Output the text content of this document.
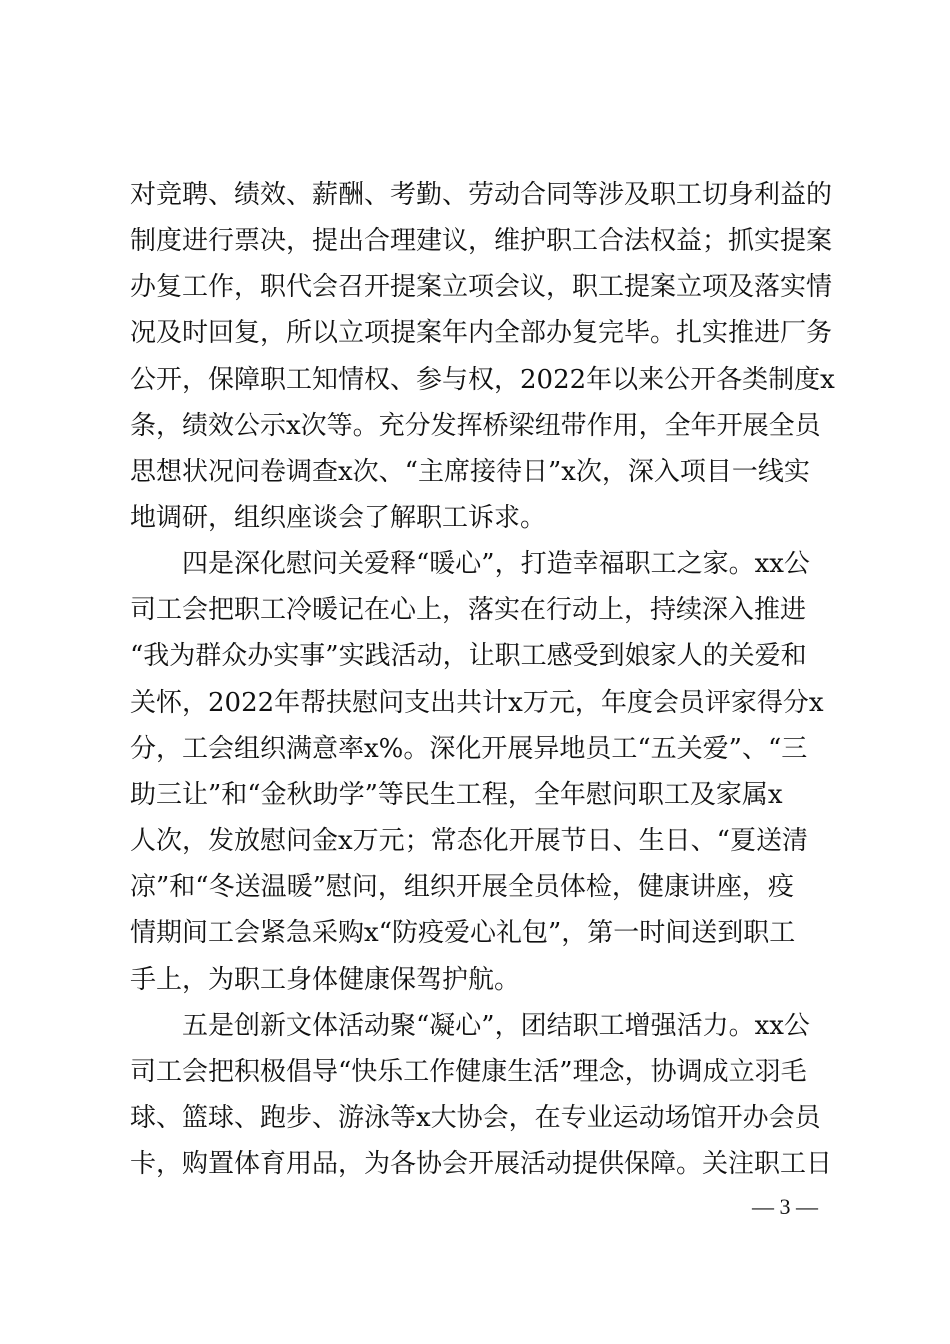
对竞聘、绩效、薪酬、考勤、劳动合同等涉及职工切身利益的
制度进行票决，提出合理建议，维护职工合法权益；抓实提案
办复工作，职代会召开提案立项会议，职工提案立项及落实情
况及时回复，所以立项提案年内全部办复完毕。扎实推进厂务
公开，保障职工知情权、参与权，2022年以来公开各类制度x
条，绩效公示x次等。充分发挥桥梁纽带作用，全年开展全员
思想状况问卷调查x次、“主席接待日”x次，深入项目一线实
地调研，组织座谈会了解职工诉求。
四是深化慰问关爱释“暖心”，打造幸福职工之家。xx公
司工会把职工冷暖记在心上，落实在行动上，持续深入推进
“我为群众办实事”实践活动，让职工感受到娘家人的关爱和
关怀，2022年帮扶慰问支出共计x万元，年度会员评家得分x
分，工会组织满意率x%。深化开展异地员工“五关爱”、“三
助三让”和“金秋助学”等民生工程，全年慰问职工及家属x
人次，发放慰问金x万元；常态化开展节日、生日、“夏送清
凉”和“冬送温暖”慰问，组织开展全员体检，健康讲座，疫
情期间工会紧急采购x“防疫爱心礼包”，第一时间送到职工
手上，为职工身体健康保驾护航。
五是创新文体活动聚“凝心”，团结职工增强活力。xx公
司工会把积极倡导“快乐工作健康生活”理念，协调成立羽毛
球、篮球、跑步、游泳等x大协会，在专业运动场馆开办会员
卡，购置体育用品，为各协会开展活动提供保障。关注职工日
— 3 —
